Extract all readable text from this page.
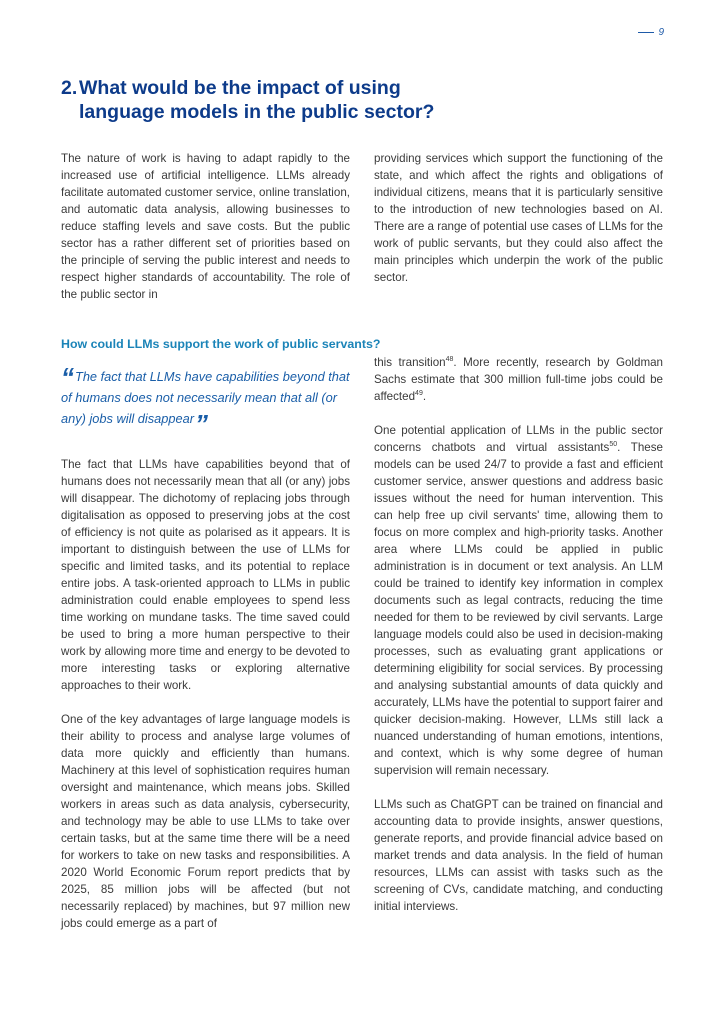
9
2.What would be the impact of using
language models in the public sector?

The nature of work is having to adapt rapidly to the increased use of artificial intelligence. LLMs already facilitate automated customer service, online translation, and automatic data analysis, allowing businesses to reduce staffing levels and save costs. But the public sector has a rather different set of priorities based on the principle of serving the public interest and needs to respect higher standards of accountability. The role of the public sector in

providing services which support the functioning of the state, and which affect the rights and obligations of individual citizens, means that it is particularly sensitive to the introduction of new technologies based on AI. There are a range of potential use cases of LLMs for the work of public servants, but they could also affect the main principles which underpin the work of the public sector.

How could LLMs support the work of public servants?
“The fact that LLMs have capabilities beyond that of humans does not necessarily mean that all (or any) jobs will disappear”

The fact that LLMs have capabilities beyond that of humans does not necessarily mean that all (or any) jobs will disappear. The dichotomy of replacing jobs through digitalisation as opposed to preserving jobs at the cost of efficiency is not quite as polarised as it appears. It is important to distinguish between the use of LLMs for specific and limited tasks, and its potential to replace entire jobs. A task-oriented approach to LLMs in public administration could enable employees to spend less time working on mundane tasks. The time saved could be used to bring a more human perspective to their work by allowing more time and energy to be devoted to more interesting tasks or exploring alternative approaches to their work.

One of the key advantages of large language models is their ability to process and analyse large volumes of data more quickly and efficiently than humans. Machinery at this level of sophistication requires human oversight and maintenance, which means jobs. Skilled workers in areas such as data analysis, cybersecurity, and technology may be able to use LLMs to take over certain tasks, but at the same time there will be a need for workers to take on new tasks and responsibilities. A 2020 World Economic Forum report predicts that by 2025, 85 million jobs will be affected (but not necessarily replaced) by machines, but 97 million new jobs could emerge as a part of

this transition$^{48}$. More recently, research by Goldman Sachs estimate that 300 million full-time jobs could be affected$^{49}$.

One potential application of LLMs in the public sector concerns chatbots and virtual assistants$^{50}$. These models can be used 24/7 to provide a fast and efficient customer service, answer questions and address basic issues without the need for human intervention. This can help free up civil servants' time, allowing them to focus on more complex and high-priority tasks. Another area where LLMs could be applied in public administration is in document or text analysis. An LLM could be trained to identify key information in complex documents such as legal contracts, reducing the time needed for them to be reviewed by civil servants. Large language models could also be used in decision-making processes, such as evaluating grant applications or determining eligibility for social services. By processing and analysing substantial amounts of data quickly and accurately, LLMs have the potential to support fairer and quicker decision-making. However, LLMs still lack a nuanced understanding of human emotions, intentions, and context, which is why some degree of human supervision will remain necessary.

LLMs such as ChatGPT can be trained on financial and accounting data to provide insights, answer questions, generate reports, and provide financial advice based on market trends and data analysis. In the field of human resources, LLMs can assist with tasks such as the screening of CVs, candidate matching, and conducting initial interviews.
